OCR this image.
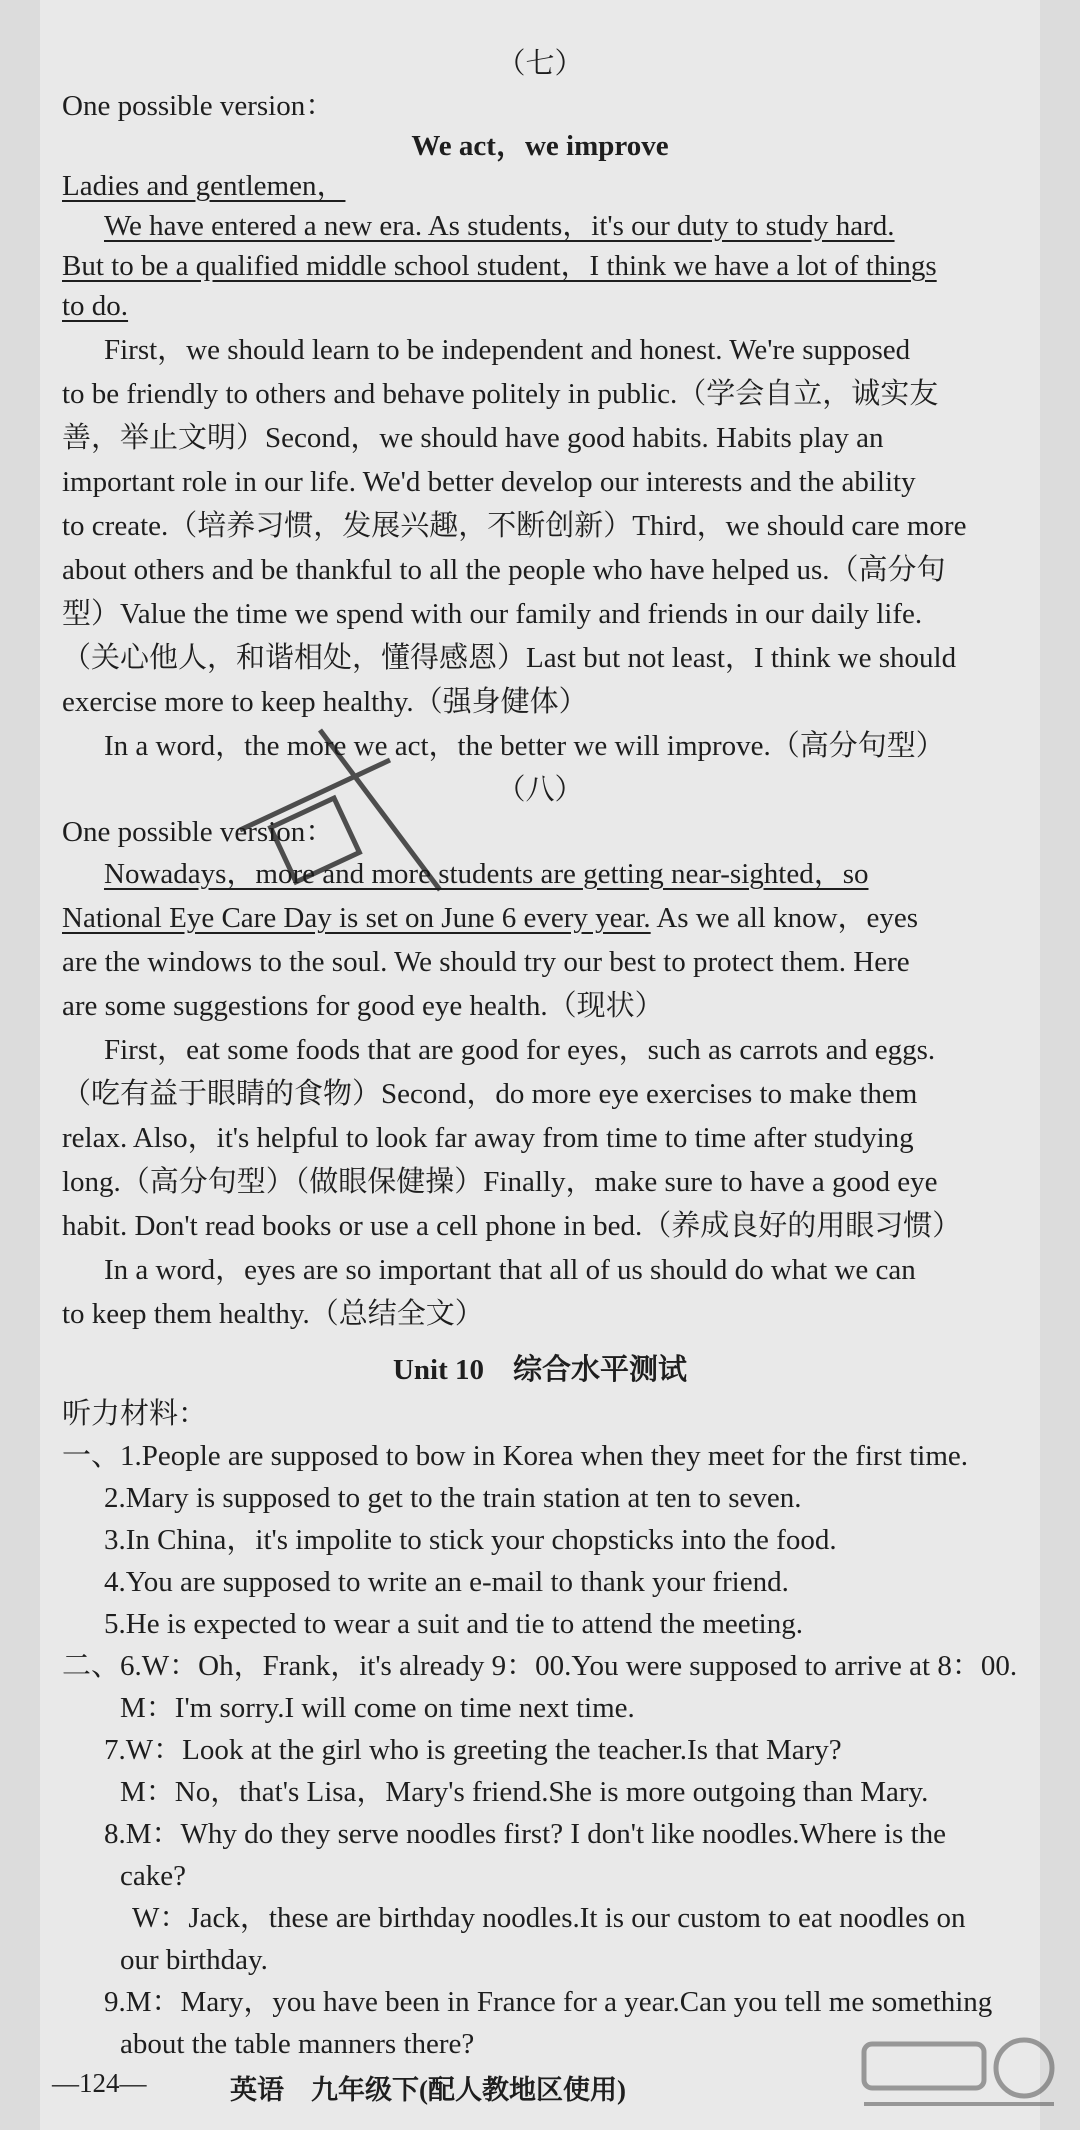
（七）
One possible version：
We act，we improve
Ladies and gentlemen，
We have entered a new era. As students，it's our duty to study hard.
But to be a qualified middle school student，I think we have a lot of things
to do.
First，we should learn to be independent and honest. We're supposed
to be friendly to others and behave politely in public.（学会自立，诚实友
善，举止文明）Second，we should have good habits. Habits play an
important role in our life. We'd better develop our interests and the ability
to create.（培养习惯，发展兴趣，不断创新）Third，we should care more
about others and be thankful to all the people who have helped us.（高分句
型）Value the time we spend with our family and friends in our daily life.
（关心他人，和谐相处，懂得感恩）Last but not least，I think we should
exercise more to keep healthy.（强身健体）
In a word，the more we act，the better we will improve.（高分句型）
（八）
One possible version：
Nowadays，more and more students are getting near-sighted，so
National Eye Care Day is set on June 6 every year. As we all know，eyes
are the windows to the soul. We should try our best to protect them. Here
are some suggestions for good eye health.（现状）
First，eat some foods that are good for eyes，such as carrots and eggs.
（吃有益于眼睛的食物）Second，do more eye exercises to make them
relax. Also，it's helpful to look far away from time to time after studying
long.（高分句型）（做眼保健操）Finally，make sure to have a good eye
habit. Don't read books or use a cell phone in bed.（养成良好的用眼习惯）
In a word，eyes are so important that all of us should do what we can
to keep them healthy.（总结全文）
Unit 10　综合水平测试
听力材料：
一、1.People are supposed to bow in Korea when they meet for the first time.
2.Mary is supposed to get to the train station at ten to seven.
3.In China，it's impolite to stick your chopsticks into the food.
4.You are supposed to write an e-mail to thank your friend.
5.He is expected to wear a suit and tie to attend the meeting.
二、6.W：Oh，Frank，it's already 9：00.You were supposed to arrive at 8：00.
M：I'm sorry.I will come on time next time.
7.W：Look at the girl who is greeting the teacher.Is that Mary?
M：No，that's Lisa，Mary's friend.She is more outgoing than Mary.
8.M：Why do they serve noodles first? I don't like noodles.Where is the
cake?
W：Jack，these are birthday noodles.It is our custom to eat noodles on
our birthday.
9.M：Mary，you have been in France for a year.Can you tell me something
about the table manners there?
—124—	英语　九年级下(配人教地区使用)
